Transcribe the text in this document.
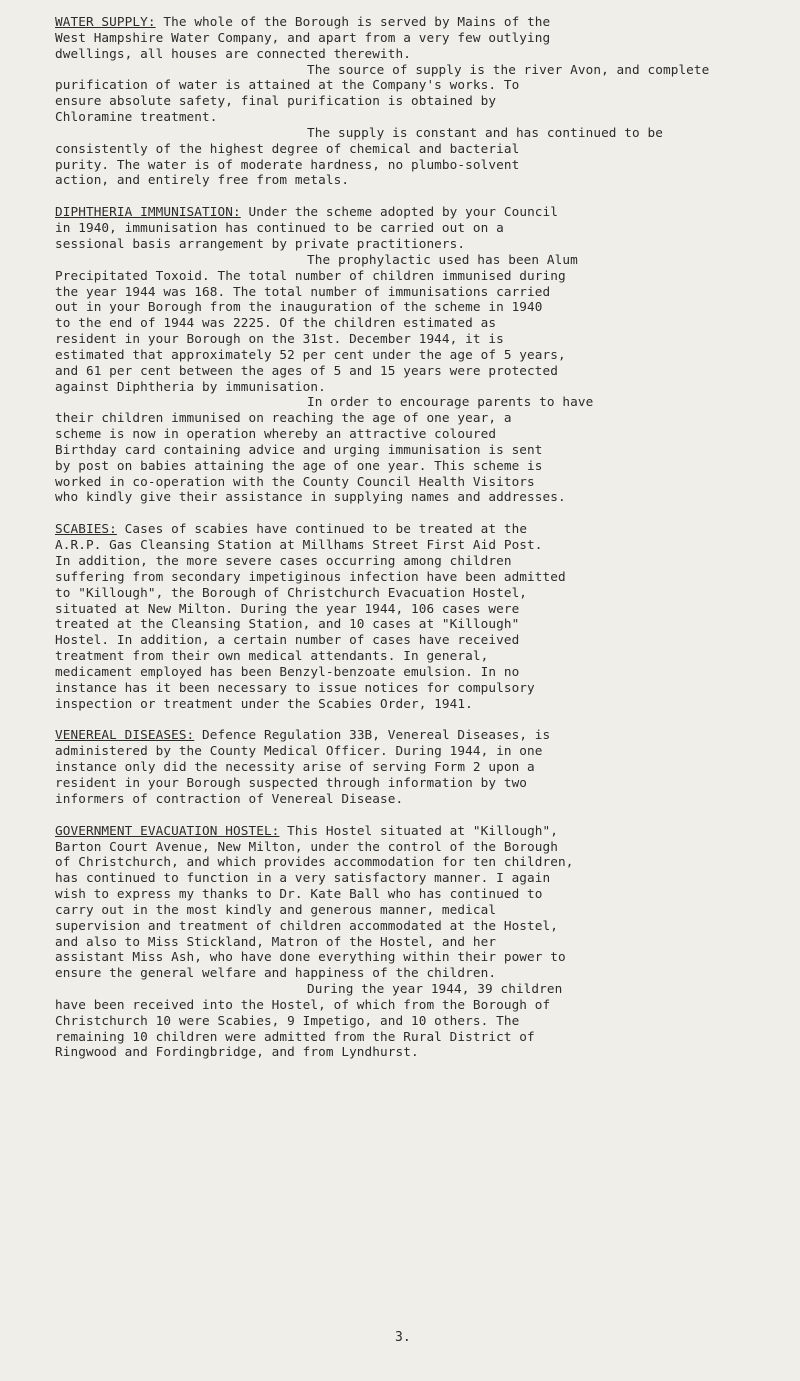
WATER SUPPLY: The whole of the Borough is served by Mains of the
West Hampshire Water Company, and apart from a very few outlying
dwellings, all houses are connected therewith.
The source of supply is the river Avon, and complete
purification of water is attained at the Company's works. To
ensure absolute safety, final purification is obtained by
Chloramine treatment.
The supply is constant and has continued to be
consistently of the highest degree of chemical and bacterial
purity. The water is of moderate hardness, no plumbo-solvent
action, and entirely free from metals.
DIPHTHERIA IMMUNISATION: Under the scheme adopted by your Council
in 1940, immunisation has continued to be carried out on a
sessional basis arrangement by private practitioners.
The prophylactic used has been Alum
Precipitated Toxoid. The total number of children immunised during
the year 1944 was 168. The total number of immunisations carried
out in your Borough from the inauguration of the scheme in 1940
to the end of 1944 was 2225. Of the children estimated as
resident in your Borough on the 31st. December 1944, it is
estimated that approximately 52 per cent under the age of 5 years,
and 61 per cent between the ages of 5 and 15 years were protected
against Diphtheria by immunisation.
In order to encourage parents to have
their children immunised on reaching the age of one year, a
scheme is now in operation whereby an attractive coloured
Birthday card containing advice and urging immunisation is sent
by post on babies attaining the age of one year. This scheme is
worked in co-operation with the County Council Health Visitors
who kindly give their assistance in supplying names and addresses.
SCABIES: Cases of scabies have continued to be treated at the
A.R.P. Gas Cleansing Station at Millhams Street First Aid Post.
In addition, the more severe cases occurring among children
suffering from secondary impetiginous infection have been admitted
to "Killough", the Borough of Christchurch Evacuation Hostel,
situated at New Milton. During the year 1944, 106 cases were
treated at the Cleansing Station, and 10 cases at "Killough"
Hostel. In addition, a certain number of cases have received
treatment from their own medical attendants. In general,
medicament employed has been Benzyl-benzoate emulsion. In no
instance has it been necessary to issue notices for compulsory
inspection or treatment under the Scabies Order, 1941.
VENEREAL DISEASES: Defence Regulation 33B, Venereal Diseases, is
administered by the County Medical Officer. During 1944, in one
instance only did the necessity arise of serving Form 2 upon a
resident in your Borough suspected through information by two
informers of contraction of Venereal Disease.
GOVERNMENT EVACUATION HOSTEL: This Hostel situated at "Killough",
Barton Court Avenue, New Milton, under the control of the Borough
of Christchurch, and which provides accommodation for ten children,
has continued to function in a very satisfactory manner. I again
wish to express my thanks to Dr. Kate Ball who has continued to
carry out in the most kindly and generous manner, medical
supervision and treatment of children accommodated at the Hostel,
and also to Miss Stickland, Matron of the Hostel, and her
assistant Miss Ash, who have done everything within their power to
ensure the general welfare and happiness of the children.
During the year 1944, 39 children
have been received into the Hostel, of which from the Borough of
Christchurch 10 were Scabies, 9 Impetigo, and 10 others. The
remaining 10 children were admitted from the Rural District of
Ringwood and Fordingbridge, and from Lyndhurst.
3.
